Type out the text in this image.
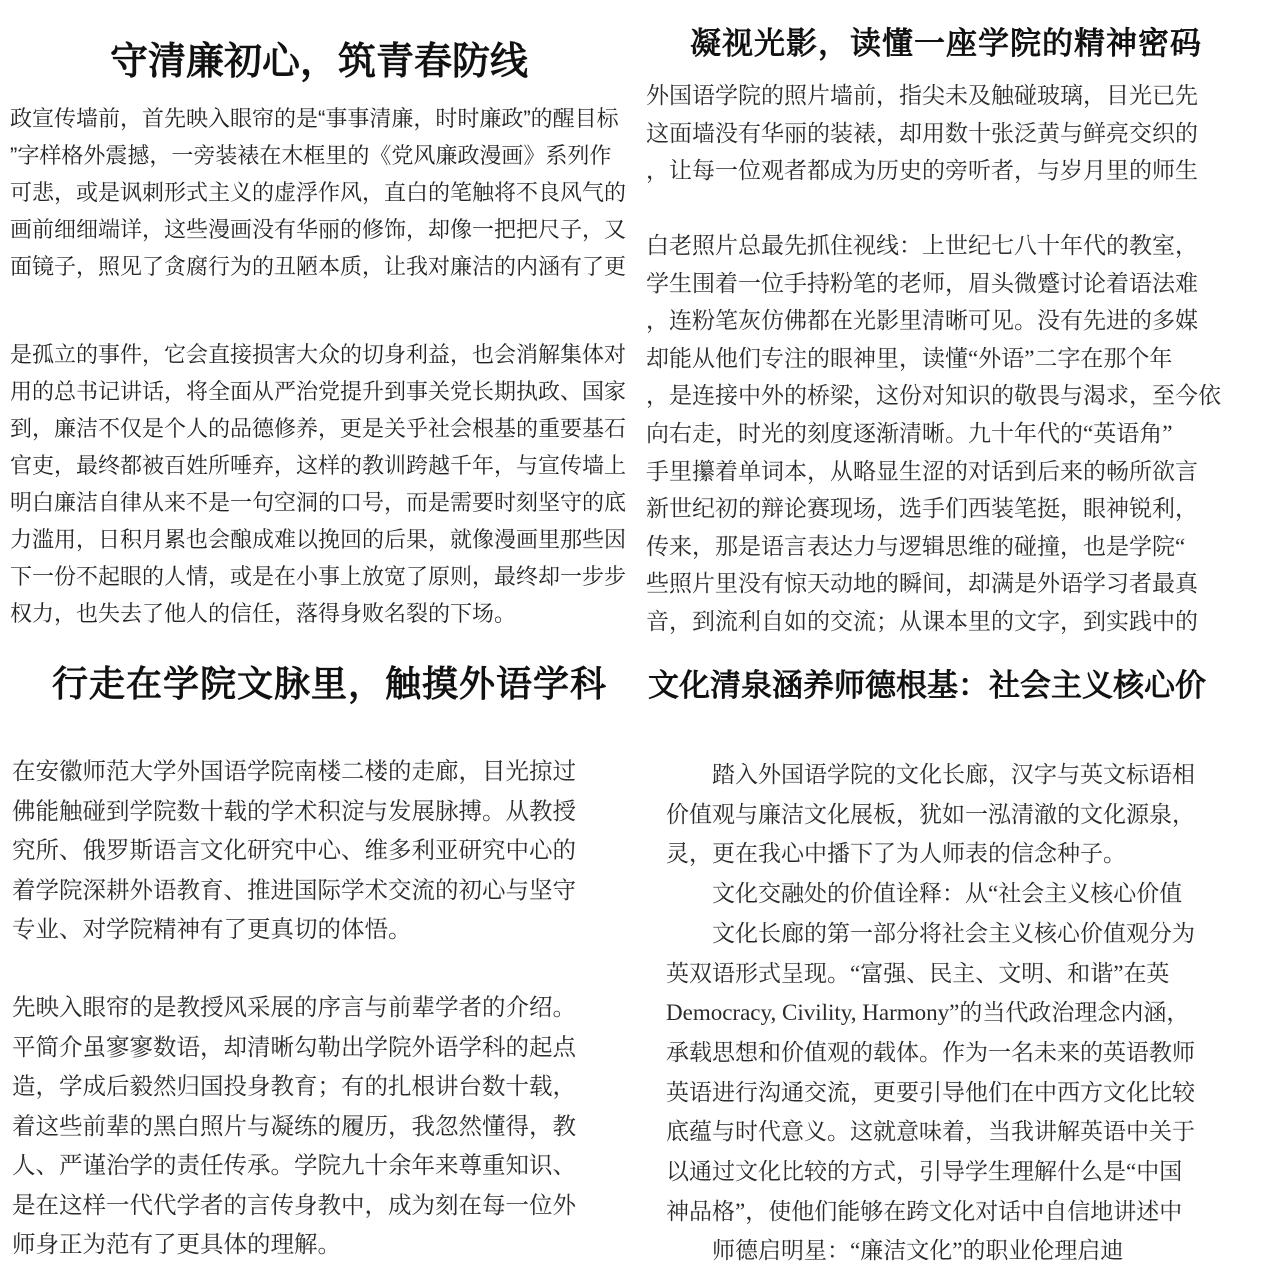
守清廉初心，筑青春防线
政宣传墙前，首先映入眼帘的是“事事清廉，时时廉政”的醒目标
”字样格外震撼，一旁装裱在木框里的《党风廉政漫画》系列作
可悲，或是讽刺形式主义的虚浮作风，直白的笔触将不良风气的
画前细细端详，这些漫画没有华丽的修饰，却像一把把尺子，又
面镜子，照见了贪腐行为的丑陋本质，让我对廉洁的内涵有了更
是孤立的事件，它会直接损害大众的切身利益，也会消解集体对
用的总书记讲话，将全面从严治党提升到事关党长期执政、国家
到，廉洁不仅是个人的品德修养，更是关乎社会根基的重要基石
官吏，最终都被百姓所唾弃，这样的教训跨越千年，与宣传墙上
明白廉洁自律从来不是一句空洞的口号，而是需要时刻坚守的底
力滥用，日积月累也会酿成难以挽回的后果，就像漫画里那些因
下一份不起眼的人情，或是在小事上放宽了原则，最终却一步步
权力，也失去了他人的信任，落得身败名裂的下场。
凝视光影，读懂一座学院的精神密码
外国语学院的照片墙前，指尖未及触碰玻璃，目光已先
这面墙没有华丽的装裱，却用数十张泛黄与鲜亮交织的
，让每一位观者都成为历史的旁听者，与岁月里的师生
白老照片总最先抓住视线：上世纪七八十年代的教室，
学生围着一位手持粉笔的老师，眉头微蹙讨论着语法难
，连粉笔灰仿佛都在光影里清晰可见。没有先进的多媒
却能从他们专注的眼神里，读懂“外语”二字在那个年
，是连接中外的桥梁，这份对知识的敬畏与渴求，至今依
向右走，时光的刻度逐渐清晰。九十年代的“英语角”
手里攥着单词本，从略显生涩的对话到后来的畅所欲言
新世纪初的辩论赛现场，选手们西装笔挺，眼神锐利，
传来，那是语言表达力与逻辑思维的碰撞，也是学院“
些照片里没有惊天动地的瞬间，却满是外语学习者最真
音，到流利自如的交流；从课本里的文字，到实践中的
行走在学院文脉里，触摸外语学科
在安徽师范大学外国语学院南楼二楼的走廊，目光掠过
佛能触碰到学院数十载的学术积淀与发展脉搏。从教授
究所、俄罗斯语言文化研究中心、维多利亚研究中心的
着学院深耕外语教育、推进国际学术交流的初心与坚守
专业、对学院精神有了更真切的体悟。
先映入眼帘的是教授风采展的序言与前辈学者的介绍。
平简介虽寥寥数语，却清晰勾勒出学院外语学科的起点
造，学成后毅然归国投身教育；有的扎根讲台数十载，
着这些前辈的黑白照片与凝练的履历，我忽然懂得，教
人、严谨治学的责任传承。学院九十余年来尊重知识、
是在这样一代代学者的言传身教中，成为刻在每一位外
师身正为范有了更具体的理解。
文化清泉涵养师德根基：社会主义核心价
　　踏入外国语学院的文化长廊，汉字与英文标语相
价值观与廉洁文化展板，犹如一泓清澈的文化源泉，
灵，更在我心中播下了为人师表的信念种子。
　　文化交融处的价值诠释：从“社会主义核心价值
　　文化长廊的第一部分将社会主义核心价值观分为
英双语形式呈现。“富强、民主、文明、和谐”在英
Democracy, Civility, Harmony”的当代政治理念内涵，
承载思想和价值观的载体。作为一名未来的英语教师
英语进行沟通交流，更要引导他们在中西方文化比较
底蕴与时代意义。这就意味着，当我讲解英语中关于
以通过文化比较的方式，引导学生理解什么是“中国
神品格”，使他们能够在跨文化对话中自信地讲述中
　　师德启明星：“廉洁文化”的职业伦理启迪
